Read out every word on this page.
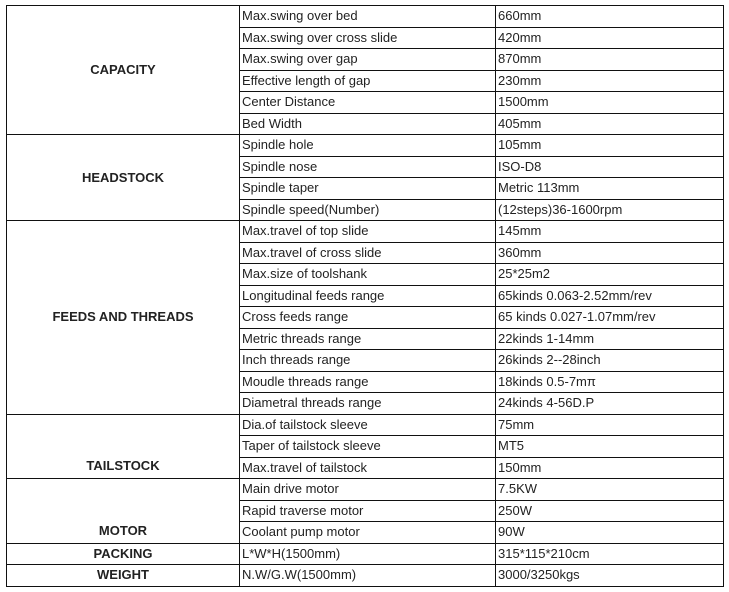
CAPACITY	Max.swing over bed	660mm
	Max.swing over cross slide	420mm
	Max.swing over gap	870mm
	Effective length of gap	230mm
	Center Distance	1500mm
	Bed Width	405mm
HEADSTOCK	Spindle hole	105mm
	Spindle nose	ISO-D8
	Spindle taper	Metric 113mm
	Spindle speed(Number)	(12steps)36-1600rpm
FEEDS AND THREADS	Max.travel of top slide	145mm
	Max.travel of cross slide	360mm
	Max.size of toolshank	25*25m2
	Longitudinal feeds range	65kinds 0.063-2.52mm/rev
	Cross feeds range	65 kinds 0.027-1.07mm/rev
	Metric threads range	22kinds 1-14mm
	Inch threads range	26kinds 2--28inch
	Moudle threads range	18kinds 0.5-7mπ
	Diametral threads range	24kinds 4-56D.P
TAILSTOCK	Dia.of tailstock sleeve	75mm
	Taper of tailstock sleeve	MT5
	Max.travel of tailstock	150mm
MOTOR	Main drive motor	7.5KW
	Rapid traverse motor	250W
	Coolant pump motor	90W
PACKING	L*W*H(1500mm)	315*115*210cm
WEIGHT	N.W/G.W(1500mm)	3000/3250kgs
